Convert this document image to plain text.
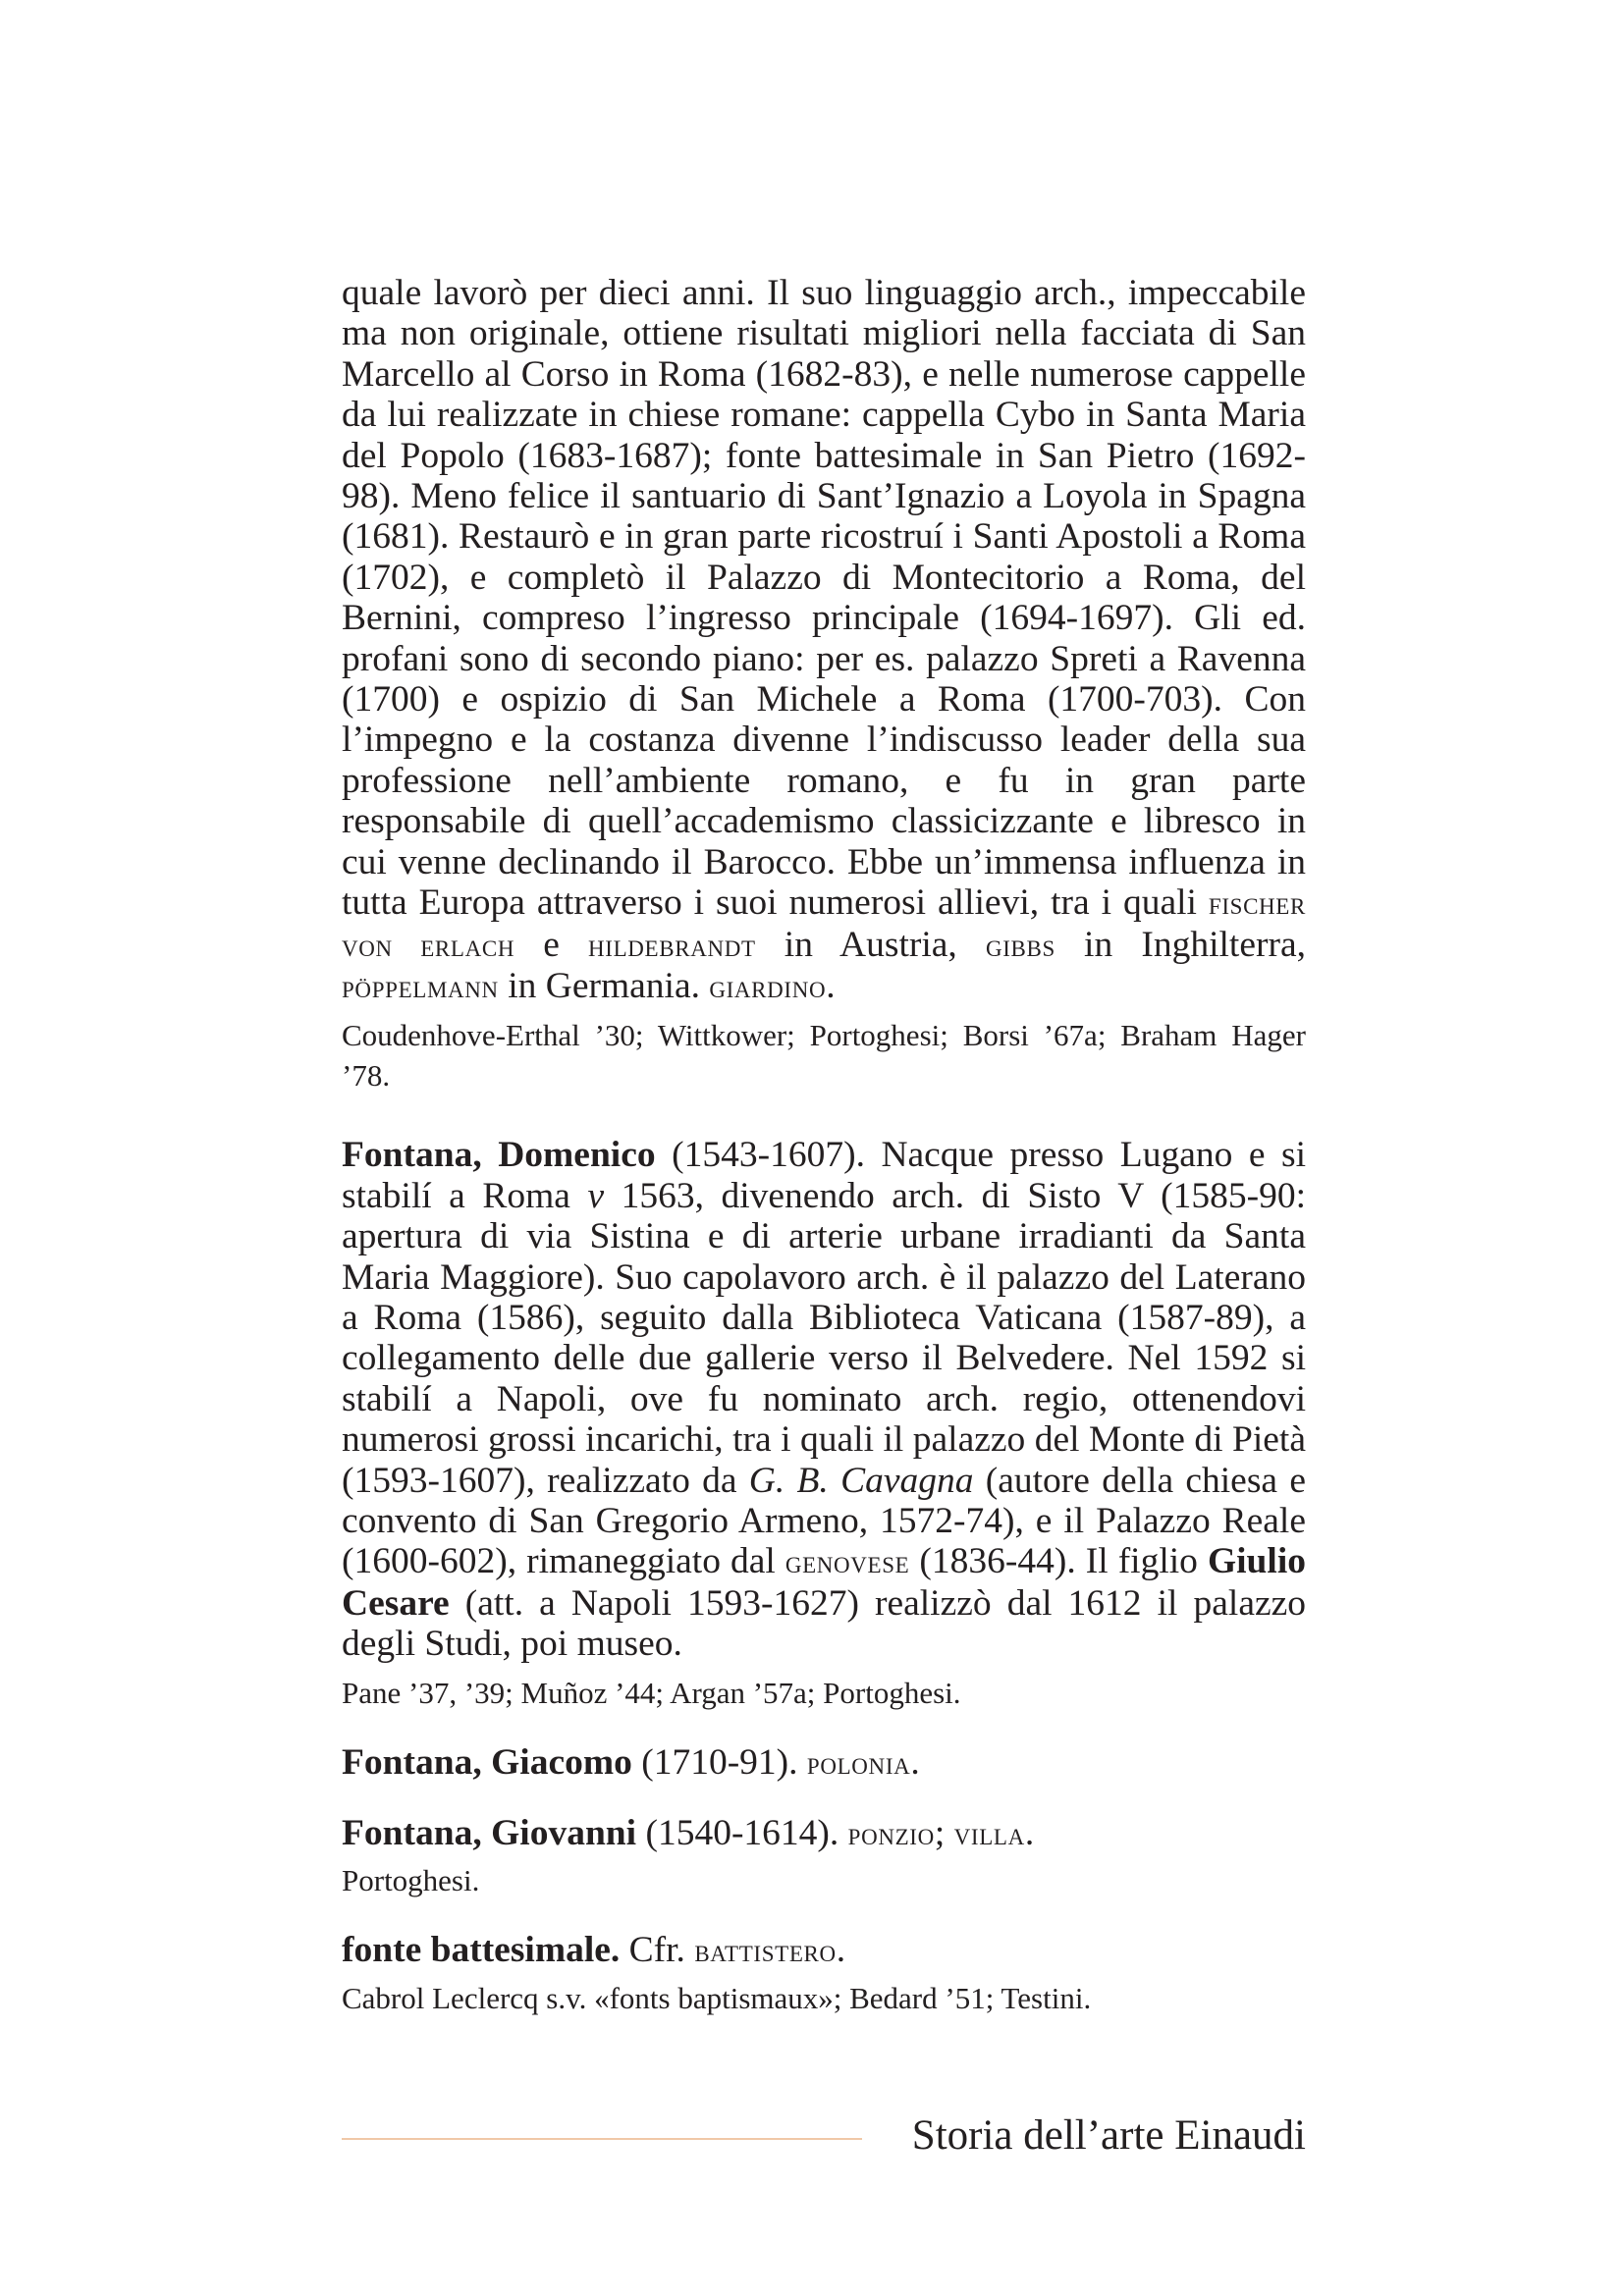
quale lavorò per dieci anni. Il suo linguaggio arch., impeccabile ma non originale, ottiene risultati migliori nella facciata di San Marcello al Corso in Roma (1682-83), e nelle numerose cappelle da lui realizzate in chiese romane: cappella Cybo in Santa Maria del Popolo (1683-1687); fonte battesimale in San Pietro (1692-98). Meno felice il santuario di Sant’Ignazio a Loyola in Spagna (1681). Restaurò e in gran parte ricostruí i Santi Apostoli a Roma (1702), e completò il Palazzo di Montecitorio a Roma, del Bernini, compreso l’ingresso principale (1694-1697). Gli ed. profani sono di secondo piano: per es. palazzo Spreti a Ravenna (1700) e ospizio di San Michele a Roma (1700-703). Con l’impegno e la costanza divenne l’indiscusso leader della sua professione nell’ambiente romano, e fu in gran parte responsabile di quell’accademismo classicizzante e libresco in cui venne declinando il Barocco. Ebbe un’immensa influenza in tutta Europa attraverso i suoi numerosi allievi, tra i quali fischer von erlach e hildebrandt in Austria, gibbs in Inghilterra, pöppelmann in Germania. giardino.

Coudenhove-Erthal ’30; Wittkower; Portoghesi; Borsi ’67a; Braham Hager ’78.

Fontana, Domenico (1543-1607). Nacque presso Lugano e si stabilí a Roma v 1563, divenendo arch. di Sisto V (1585-90: apertura di via Sistina e di arterie urbane irradianti da Santa Maria Maggiore). Suo capolavoro arch. è il palazzo del Laterano a Roma (1586), seguito dalla Biblioteca Vaticana (1587-89), a collegamento delle due gallerie verso il Belvedere. Nel 1592 si stabilí a Napoli, ove fu nominato arch. regio, ottenendovi numerosi grossi incarichi, tra i quali il palazzo del Monte di Pietà (1593-1607), realizzato da G. B. Cavagna (autore della chiesa e convento di San Gregorio Armeno, 1572-74), e il Palazzo Reale (1600-602), rimaneggiato dal genovese (1836-44). Il figlio Giulio Cesare (att. a Napoli 1593-1627) realizzò dal 1612 il palazzo degli Studi, poi museo.

Pane ’37, ’39; Muñoz ’44; Argan ’57a; Portoghesi.

Fontana, Giacomo (1710-91). polonia.

Fontana, Giovanni (1540-1614). ponzio; villa.

Portoghesi.

fonte battesimale. Cfr. battistero.

Cabrol Leclercq s.v. «fonts baptismaux»; Bedard ’51; Testini.

Storia dell’arte Einaudi
